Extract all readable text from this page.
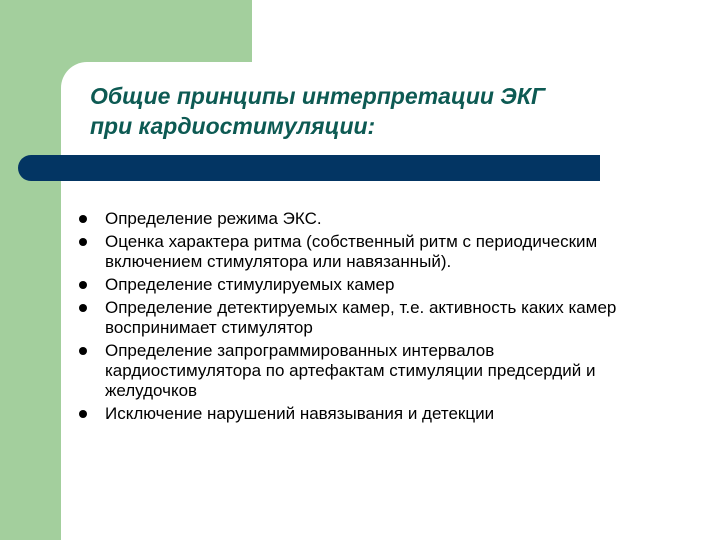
Общие принципы интерпретации ЭКГ
при кардиостимуляции:
Определение режима ЭКС.
Оценка характера ритма (собственный ритм с периодическим включением стимулятора или навязанный).
Определение стимулируемых камер
Определение детектируемых камер, т.е. активность каких камер воспринимает стимулятор
Определение запрограммированных интервалов кардиостимулятора по артефактам стимуляции предсердий и желудочков
Исключение нарушений навязывания и детекции
